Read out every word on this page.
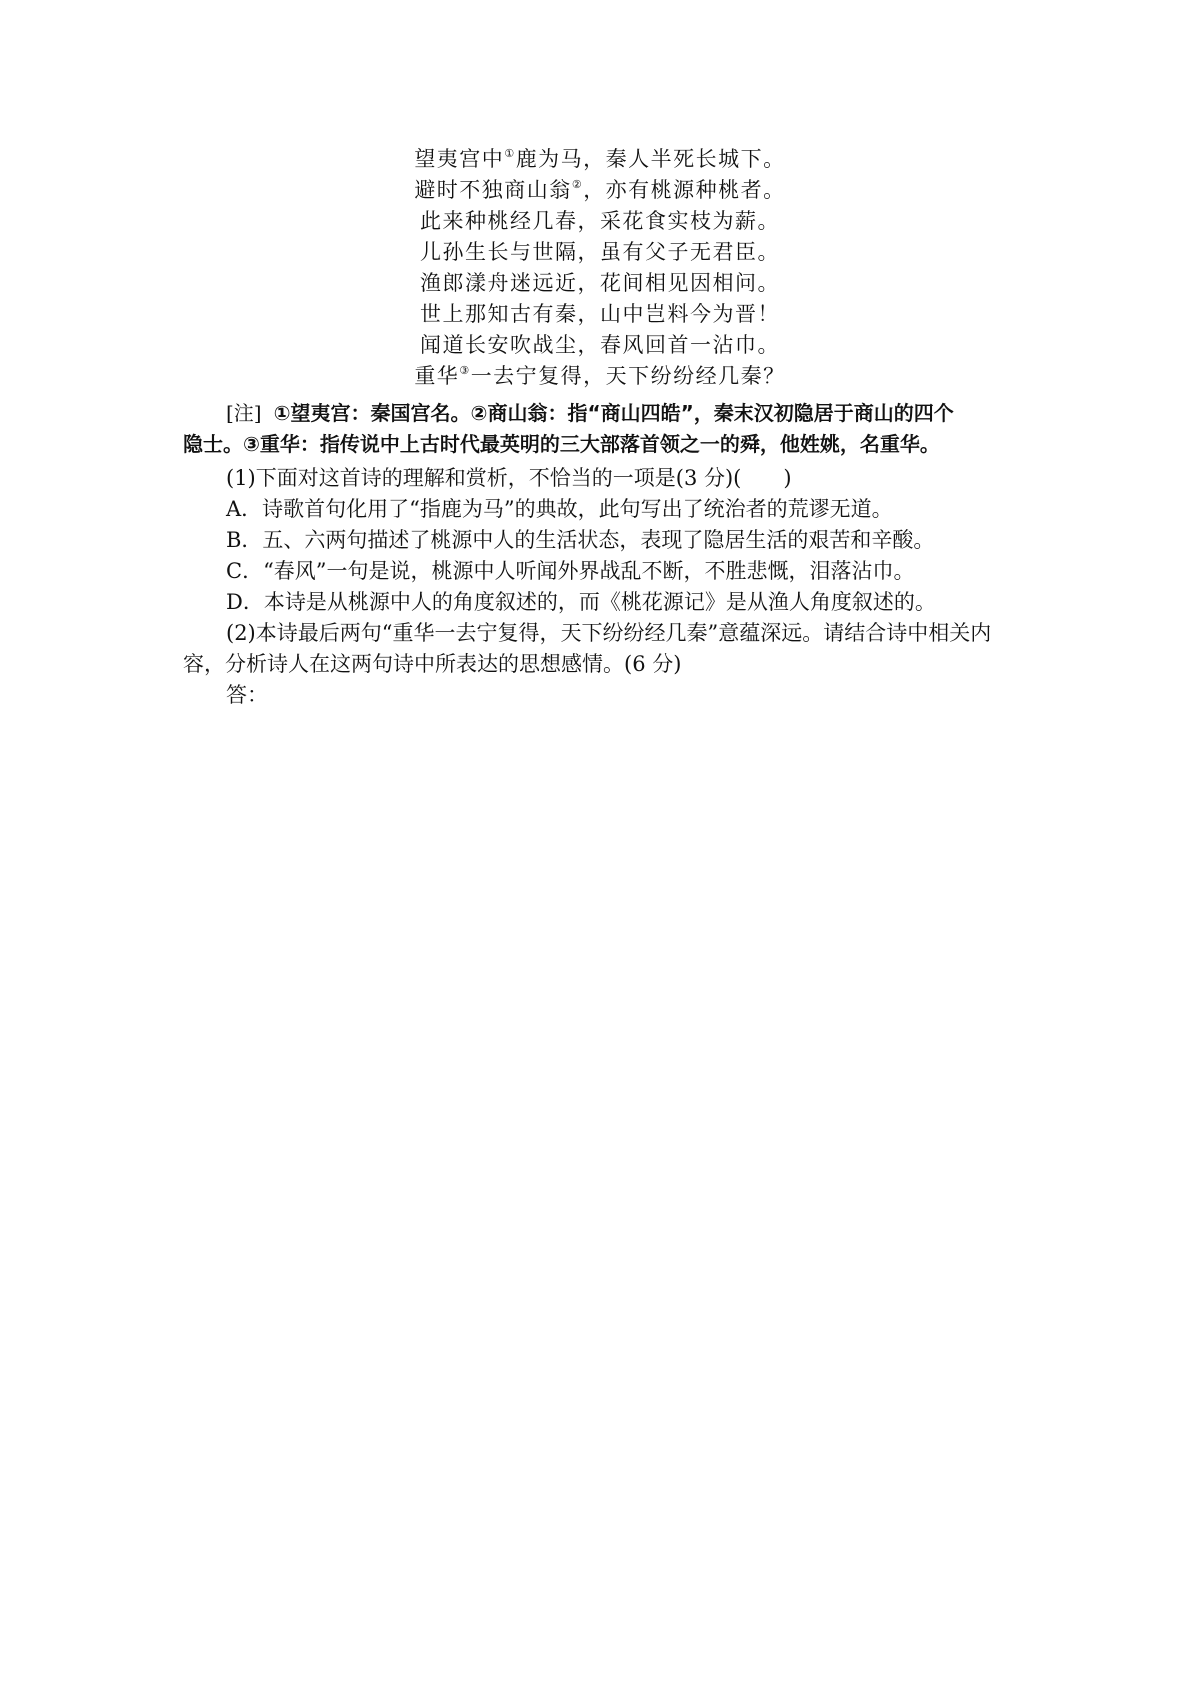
望夷宫中①鹿为马，秦人半死长城下。
避时不独商山翁②，亦有桃源种桃者。
此来种桃经几春，采花食实枝为薪。
儿孙生长与世隔，虽有父子无君臣。
渔郎漾舟迷远近，花间相见因相问。
世上那知古有秦，山中岂料今为晋！
闻道长安吹战尘，春风回首一沾巾。
重华③一去宁复得，天下纷纷经几秦？
[注] ①望夷宫：秦国宫名。②商山翁：指“商山四皓”，秦末汉初隐居于商山的四个
隐士。③重华：指传说中上古时代最英明的三大部落首领之一的舜，他姓姚，名重华。
(1)下面对这首诗的理解和赏析，不恰当的一项是(3 分)(　　)
A．诗歌首句化用了“指鹿为马”的典故，此句写出了统治者的荒谬无道。
B．五、六两句描述了桃源中人的生活状态，表现了隐居生活的艰苦和辛酸。
C．“春风”一句是说，桃源中人听闻外界战乱不断，不胜悲慨，泪落沾巾。
D．本诗是从桃源中人的角度叙述的，而《桃花源记》是从渔人角度叙述的。
(2)本诗最后两句“重华一去宁复得，天下纷纷经几秦”意蕴深远。请结合诗中相关内
容，分析诗人在这两句诗中所表达的思想感情。(6 分)
答：
